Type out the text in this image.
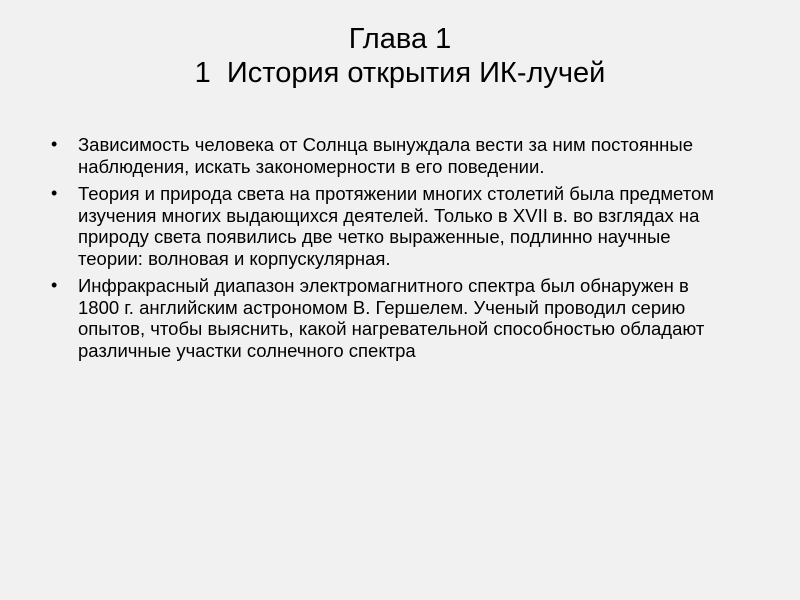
Глава 1
1  История открытия ИК-лучей
• Зависимость человека от Солнца вынуждала вести за ним постоянные наблюдения, искать закономерности в его поведении.
• Теория и природа света на протяжении многих столетий была предметом изучения многих выдающихся деятелей. Только в XVII в. во взглядах на природу света появились две четко выраженные, подлинно научные теории: волновая и корпускулярная.
• Инфракрасный диапазон электромагнитного спектра был обнаружен в 1800 г. английским астрономом В. Гершелем. Ученый проводил серию опытов, чтобы выяснить, какой нагревательной способностью обладают различные участки солнечного спектра
